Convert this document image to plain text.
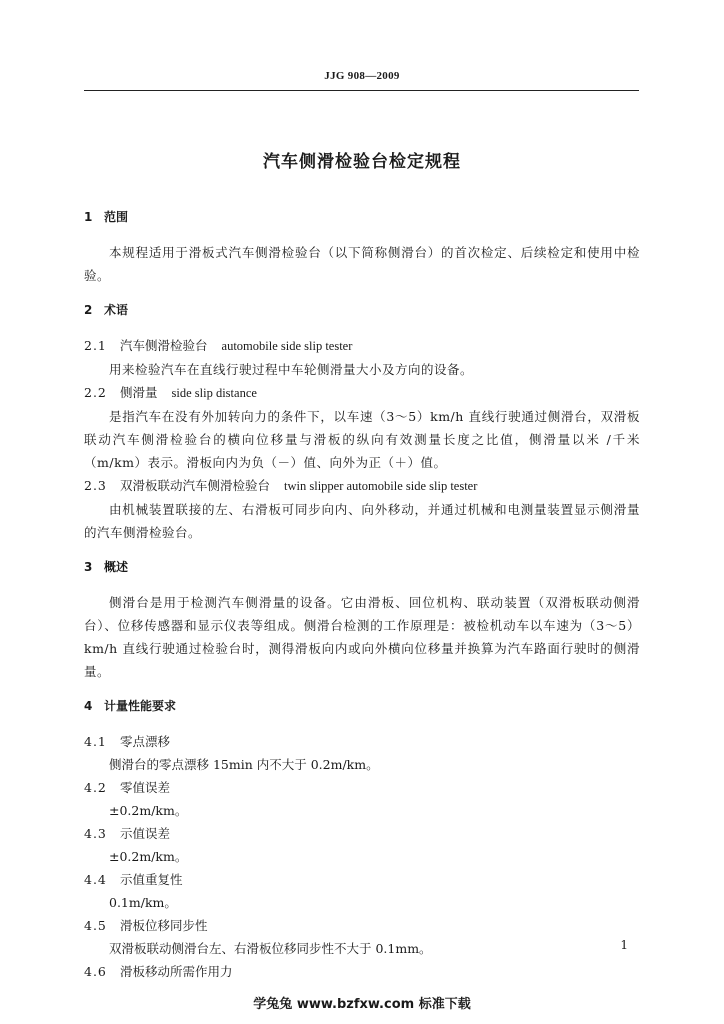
JJG 908—2009
汽车侧滑检验台检定规程

1 范围

本规程适用于滑板式汽车侧滑检验台（以下简称侧滑台）的首次检定、后续检定和使用中检验。

2 术语

2.1 汽车侧滑检验台 automobile side slip tester

用来检验汽车在直线行驶过程中车轮侧滑量大小及方向的设备。

2.2 侧滑量 side slip distance

是指汽车在没有外加转向力的条件下，以车速（3～5）km/h 直线行驶通过侧滑台，双滑板联动汽车侧滑检验台的横向位移量与滑板的纵向有效测量长度之比值，侧滑量以米 /千米（m/km）表示。滑板向内为负（－）值、向外为正（＋）值。

2.3 双滑板联动汽车侧滑检验台 twin slipper automobile side slip tester

由机械装置联接的左、右滑板可同步向内、向外移动，并通过机械和电测量装置显示侧滑量的汽车侧滑检验台。

3 概述

侧滑台是用于检测汽车侧滑量的设备。它由滑板、回位机构、联动装置（双滑板联动侧滑台）、位移传感器和显示仪表等组成。侧滑台检测的工作原理是：被检机动车以车速为（3～5）km/h 直线行驶通过检验台时，测得滑板向内或向外横向位移量并换算为汽车路面行驶时的侧滑量。

4 计量性能要求

4.1 零点漂移

侧滑台的零点漂移 15min 内不大于 0.2m/km。

4.2 零值误差

±0.2m/km。

4.3 示值误差

±0.2m/km。

4.4 示值重复性

0.1m/km。

4.5 滑板位移同步性

双滑板联动侧滑台左、右滑板位移同步性不大于 0.1mm。

4.6 滑板移动所需作用力

1
学兔兔 www.bzfxw.com 标准下载
